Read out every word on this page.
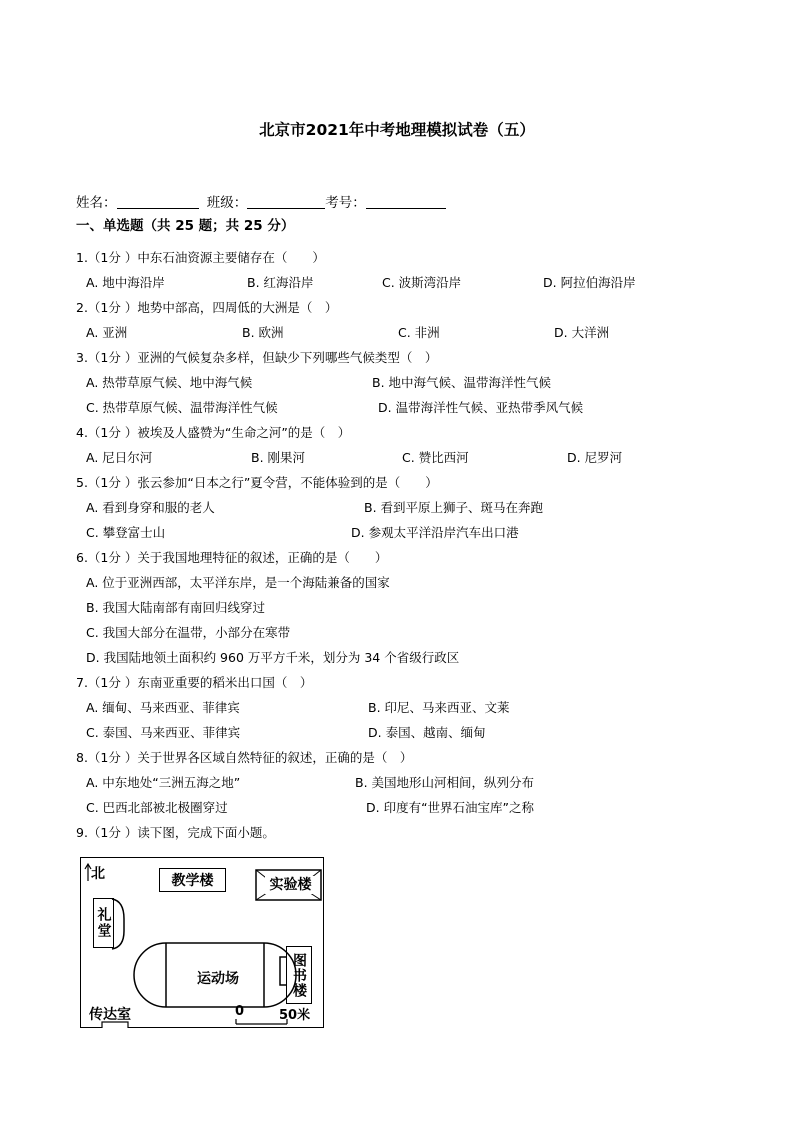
北京市2021年中考地理模拟试卷（五）
姓名：	班级：	考号：
一、单选题（共 25 题；共 25 分）
1.（1分 ）中东石油资源主要储存在（　　）
A. 地中海沿岸	B. 红海沿岸	C. 波斯湾沿岸	D. 阿拉伯海沿岸
2.（1分 ）地势中部高，四周低的大洲是（　）
A. 亚洲	B. 欧洲	C. 非洲	D. 大洋洲
3.（1分 ）亚洲的气候复杂多样，但缺少下列哪些气候类型（　）
A. 热带草原气候、地中海气候	B. 地中海气候、温带海洋性气候
C. 热带草原气候、温带海洋性气候	D. 温带海洋性气候、亚热带季风气候
4.（1分 ）被埃及人盛赞为“生命之河”的是（　）
A. 尼日尔河	B. 刚果河	C. 赞比西河	D. 尼罗河
5.（1分 ）张云参加“日本之行”夏令营，不能体验到的是（　　）
A. 看到身穿和服的老人	B. 看到平原上狮子、斑马在奔跑
C. 攀登富士山	D. 参观太平洋沿岸汽车出口港
6.（1分 ）关于我国地理特征的叙述，正确的是（　　）
A. 位于亚洲西部，太平洋东岸，是一个海陆兼备的国家
B. 我国大陆南部有南回归线穿过
C. 我国大部分在温带，小部分在寒带
D. 我国陆地领土面积约 960 万平方千米，划分为 34 个省级行政区
7.（1分 ）东南亚重要的稻米出口国（　）
A. 缅甸、马来西亚、菲律宾	B. 印尼、马来西亚、文莱
C. 泰国、马来西亚、菲律宾	D. 泰国、越南、缅甸
8.（1分 ）关于世界各区域自然特征的叙述，正确的是（　）
A. 中东地处“三洲五海之地”	B. 美国地形山河相间，纵列分布
C. 巴西北部被北极圈穿过	D. 印度有“世界石油宝库”之称
9.（1分 ）读下图，完成下面小题。
北	教学楼	实验楼
礼堂
运动场	图书楼
传达室	0	50米
